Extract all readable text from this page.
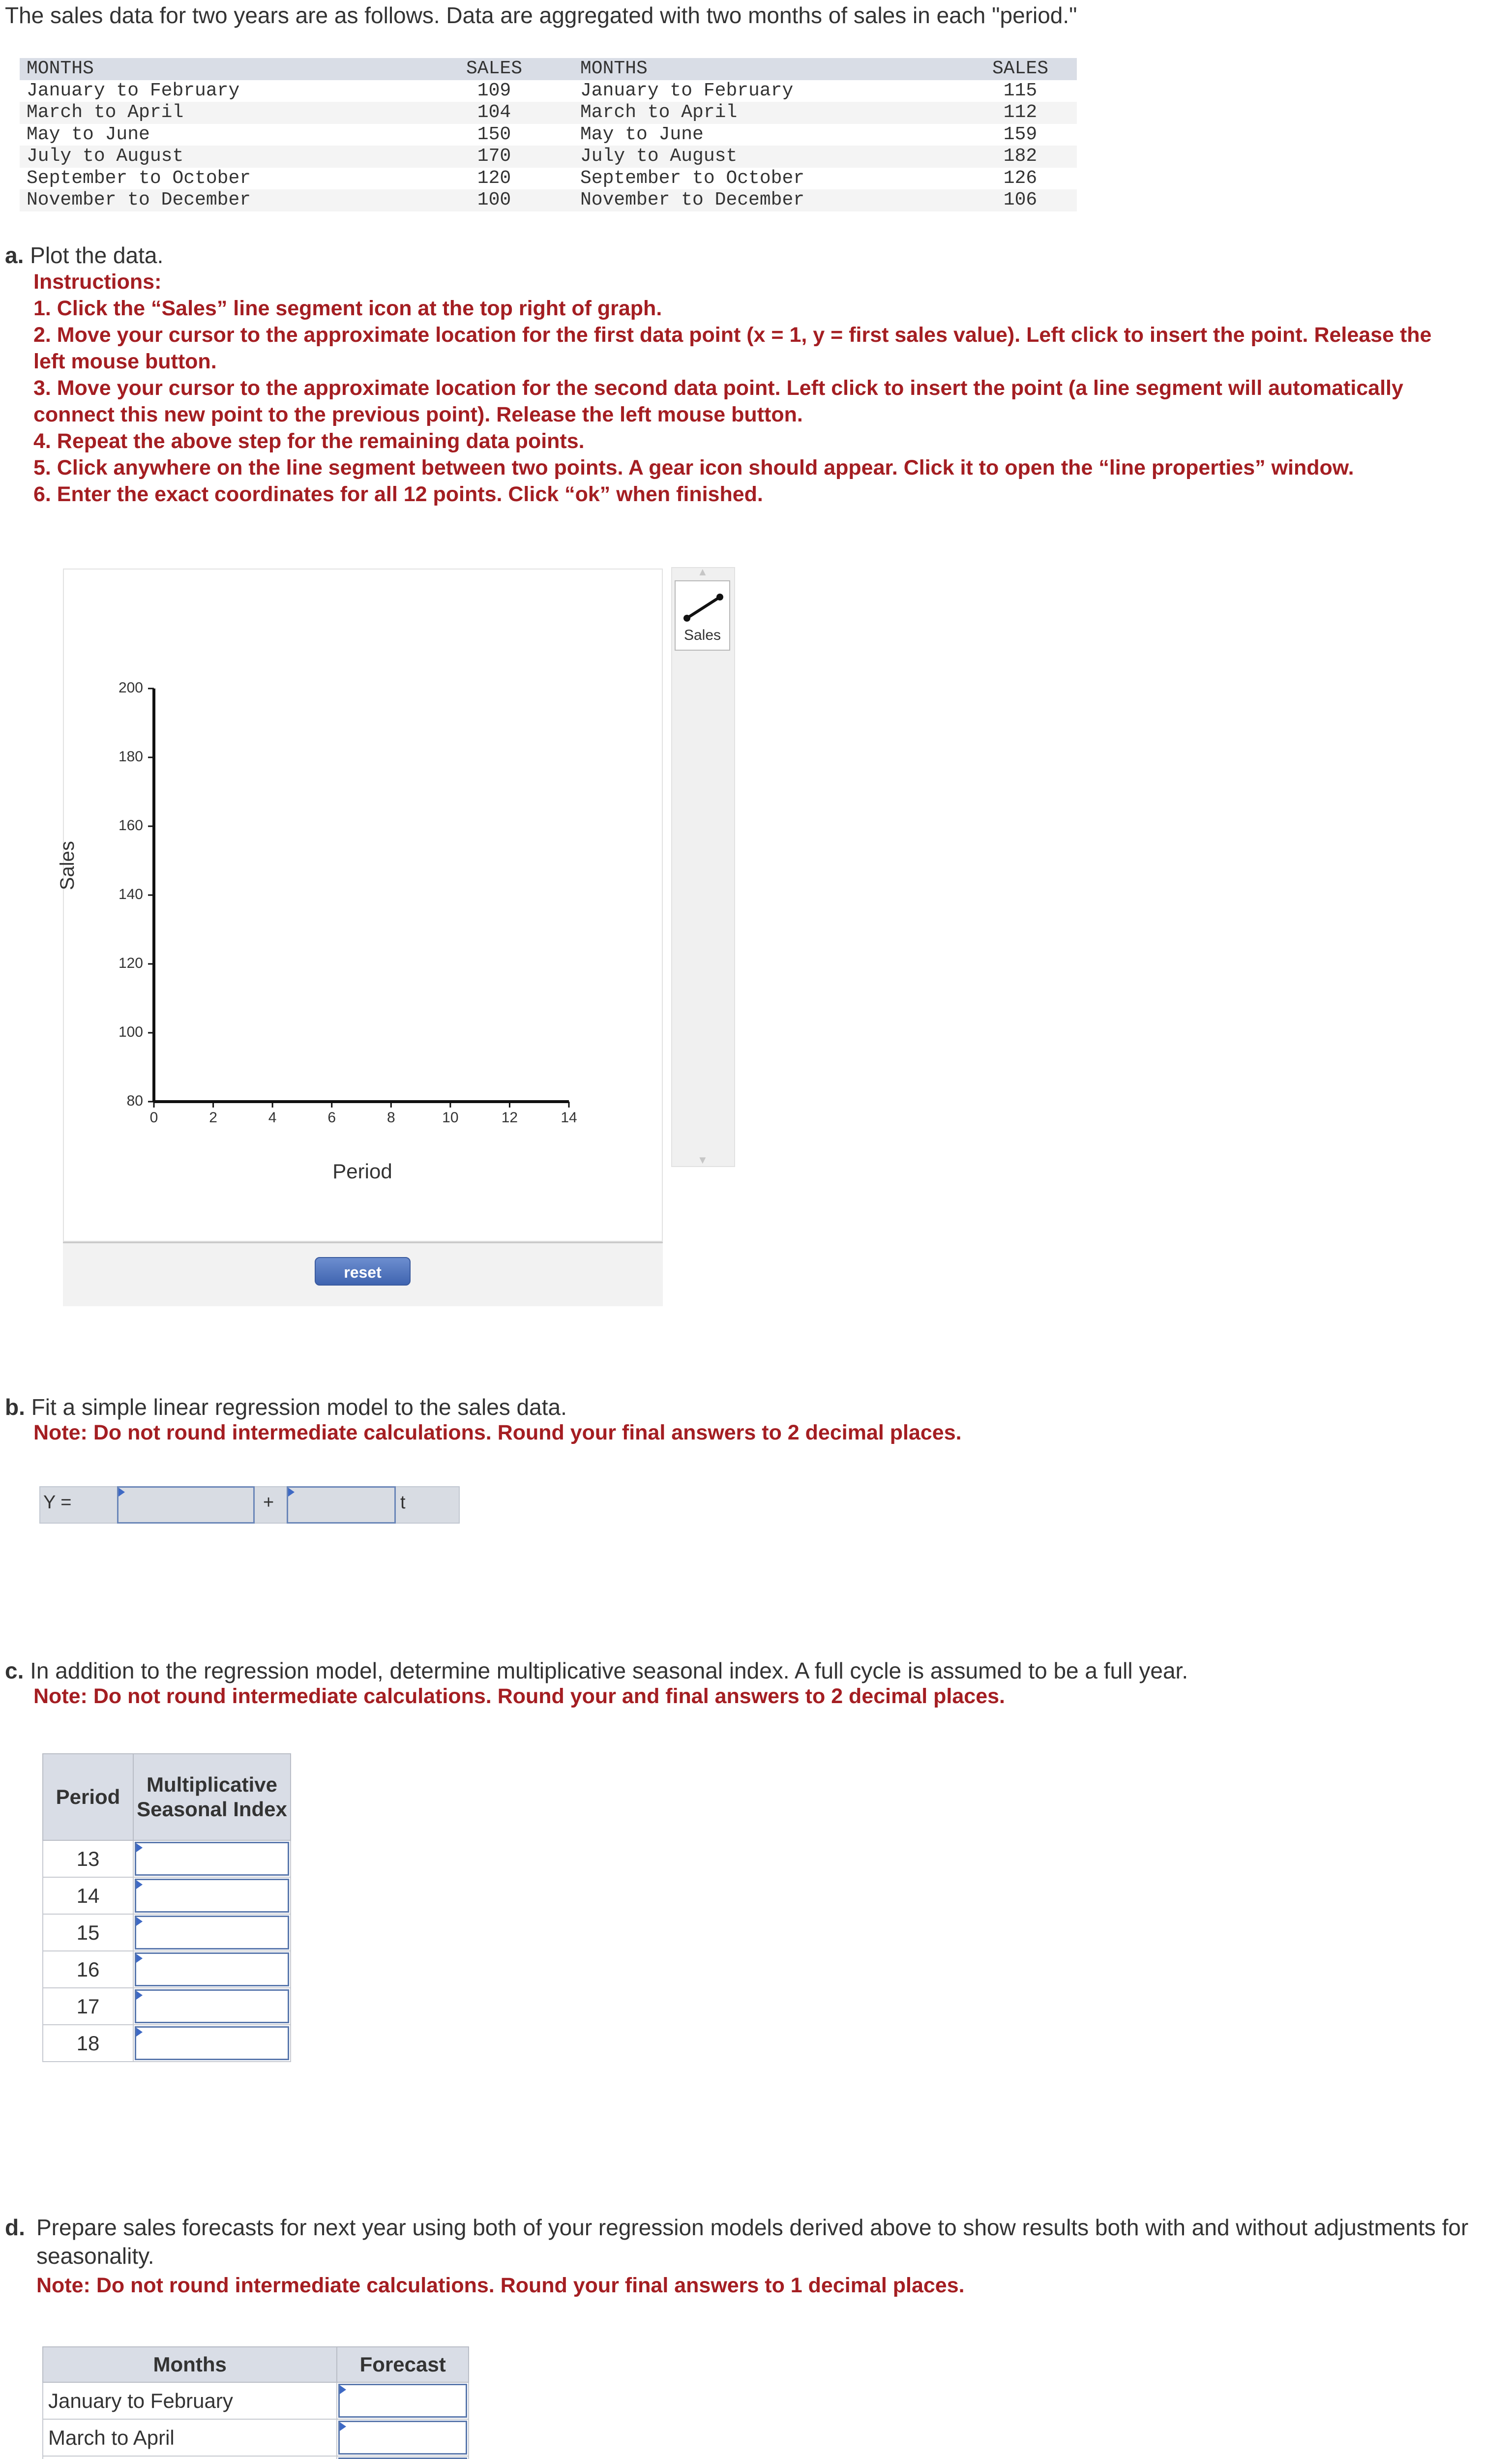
The sales data for two years are as follows. Data are aggregated with two months of sales in each "period."
MONTHS	SALES	MONTHS	SALES
January to February	109	January to February	115
March to April	104	March to April	112
May to June	150	May to June	159
July to August	170	July to August	182
September to October	120	September to October	126
November to December	100	November to December	106
a. Plot the data.
Instructions:
1. Click the “Sales” line segment icon at the top right of graph.
2. Move your cursor to the approximate location for the first data point (x = 1, y = first sales value). Left click to insert the point. Release the left mouse button.
3. Move your cursor to the approximate location for the second data point. Left click to insert the point (a line segment will automatically connect this new point to the previous point). Release the left mouse button.
4. Repeat the above step for the remaining data points.
5. Click anywhere on the line segment between two points. A gear icon should appear. Click it to open the “line properties” window.
6. Enter the exact coordinates for all 12 points. Click “ok” when finished.
Sales
Period
200
180
160
140
120
100
80
0	2	4	6	8	10	12	14
▲
▼
Sales
reset
b. Fit a simple linear regression model to the sales data.
Note: Do not round intermediate calculations. Round your final answers to 2 decimal places.
Y =	+	t
c. In addition to the regression model, determine multiplicative seasonal index. A full cycle is assumed to be a full year.
Note: Do not round intermediate calculations. Round your and final answers to 2 decimal places.
Period	Multiplicative Seasonal Index
13	

14	

15	

16	

17	

18	
d. Prepare sales forecasts for next year using both of your regression models derived above to show results both with and without adjustments for seasonality.
Note: Do not round intermediate calculations. Round your final answers to 1 decimal places.
Months	Forecast
January to February	

March to April	
